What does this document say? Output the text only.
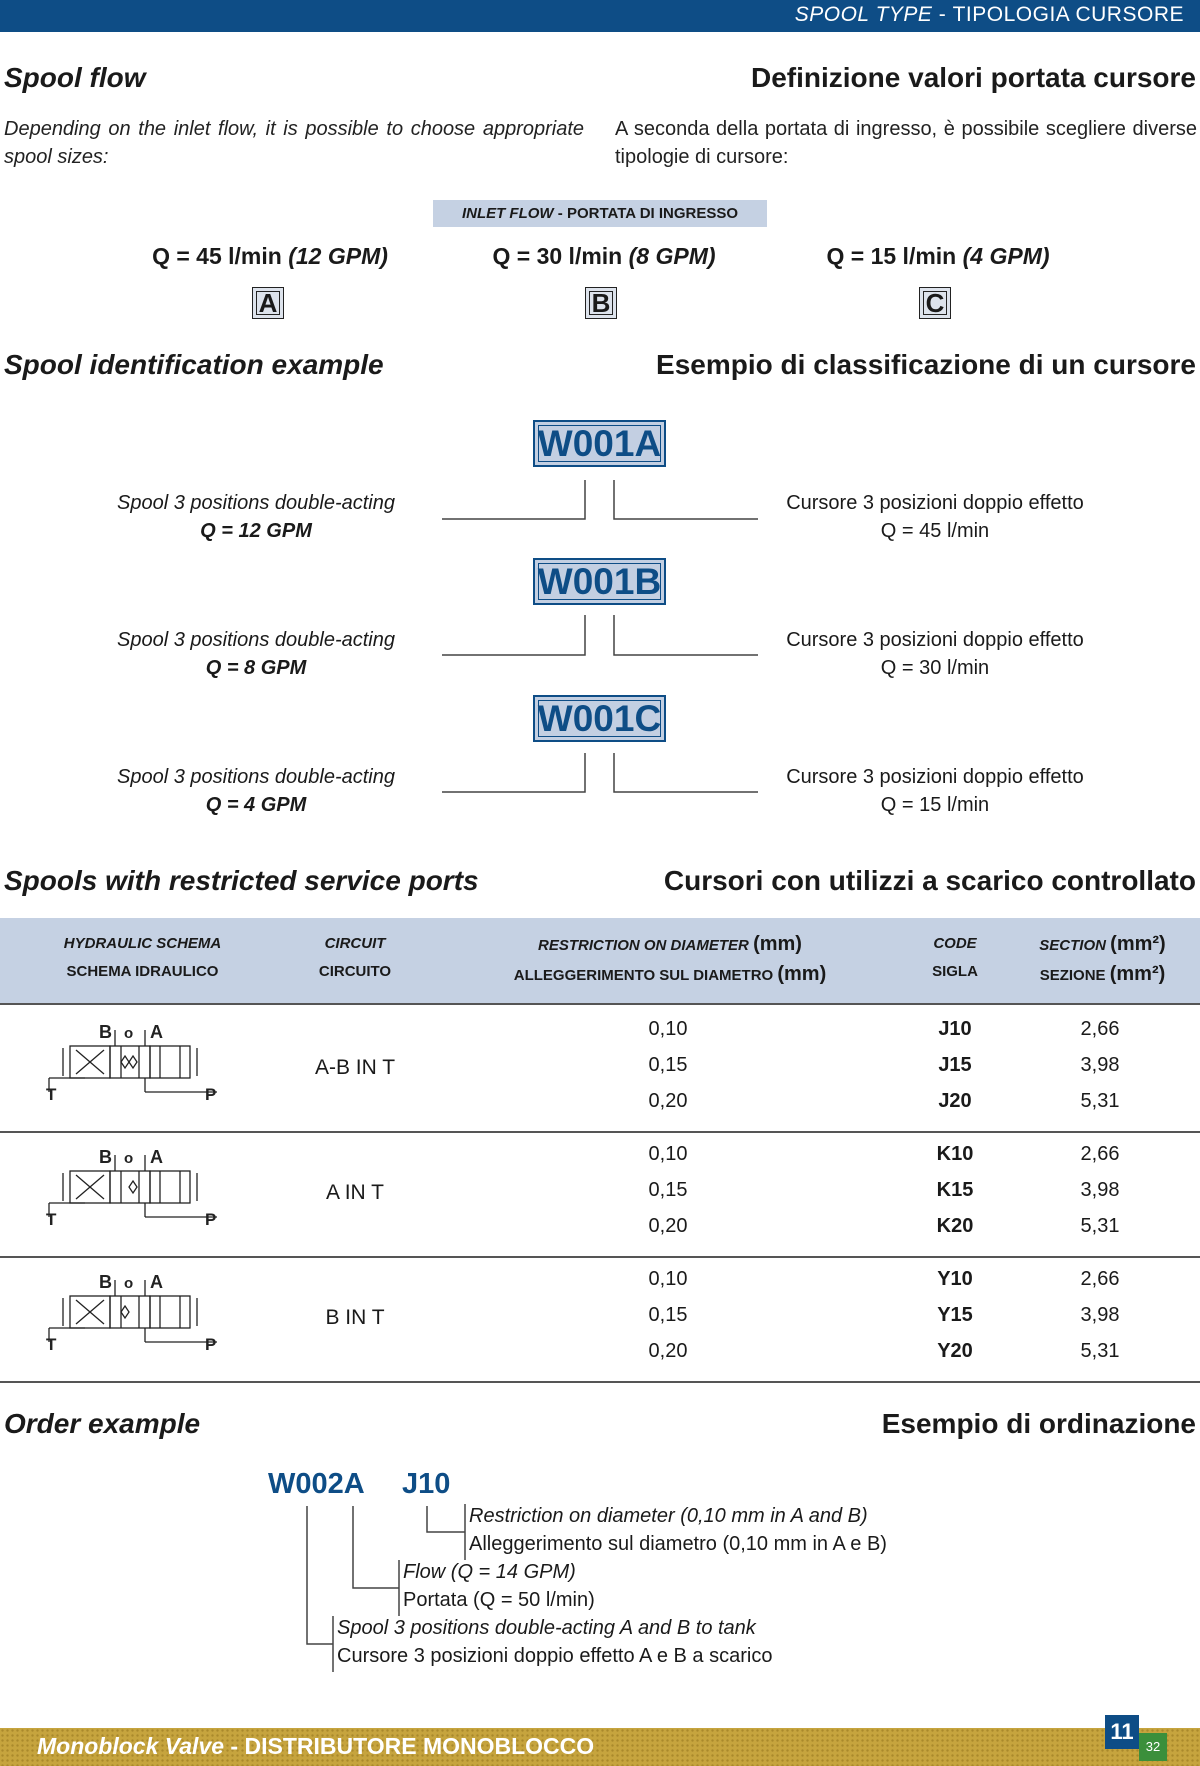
SPOOL TYPE - TIPOLOGIA CURSORE
Spool flow	Definizione valori portata cursore

Depending on the inlet flow, it is possible to choose appropriate spool sizes:

A seconda della portata di ingresso, è possibile scegliere diverse tipologie di cursore:

INLET FLOW - PORTATA DI INGRESSO
Q = 45 l/min (12 GPM)	Q = 30 l/min (8 GPM)	Q = 15 l/min (4 GPM)
A	B	C
Spool identification example	Esempio di classificazione di un cursore
W001A
W001B
W001C
Spool 3 positions double-acting
Q = 12 GPM
Cursore 3 posizioni doppio effetto
Q = 45 l/min
Spool 3 positions double-acting
Q = 8 GPM
Cursore 3 posizioni doppio effetto
Q = 30 l/min
Spool 3 positions double-acting
Q = 4 GPM
Cursore 3 posizioni doppio effetto
Q = 15 l/min
Spools with restricted service ports	Cursori con utilizzi a scarico controllato
HYDRAULIC SCHEMA
SCHEMA IDRAULICO
CIRCUIT
CIRCUITO
RESTRICTION ON DIAMETER (mm)
ALLEGGERIMENTO SUL DIAMETRO (mm)
CODE
SIGLA
SECTION (mm²)
SEZIONE (mm²)
B o A
T	P
A-B IN T
0,10	J10	2,66
0,15	J15	3,98
0,20	J20	5,31
B o A
T	P
A IN T
0,10	K10	2,66
0,15	K15	3,98
0,20	K20	5,31
B o A
T	P
B IN T
0,10	Y10	2,66
0,15	Y15	3,98
0,20	Y20	5,31
Order example	Esempio di ordinazione
W002A J10
Restriction on diameter (0,10 mm in A and B)
Alleggerimento sul diametro (0,10 mm in A e B)
Flow (Q = 14 GPM)
Portata (Q = 50 l/min)
Spool 3 positions double-acting A and B to tank
Cursore 3 posizioni doppio effetto A e B a scarico
Monoblock Valve - DISTRIBUTORE MONOBLOCCO
11
32
